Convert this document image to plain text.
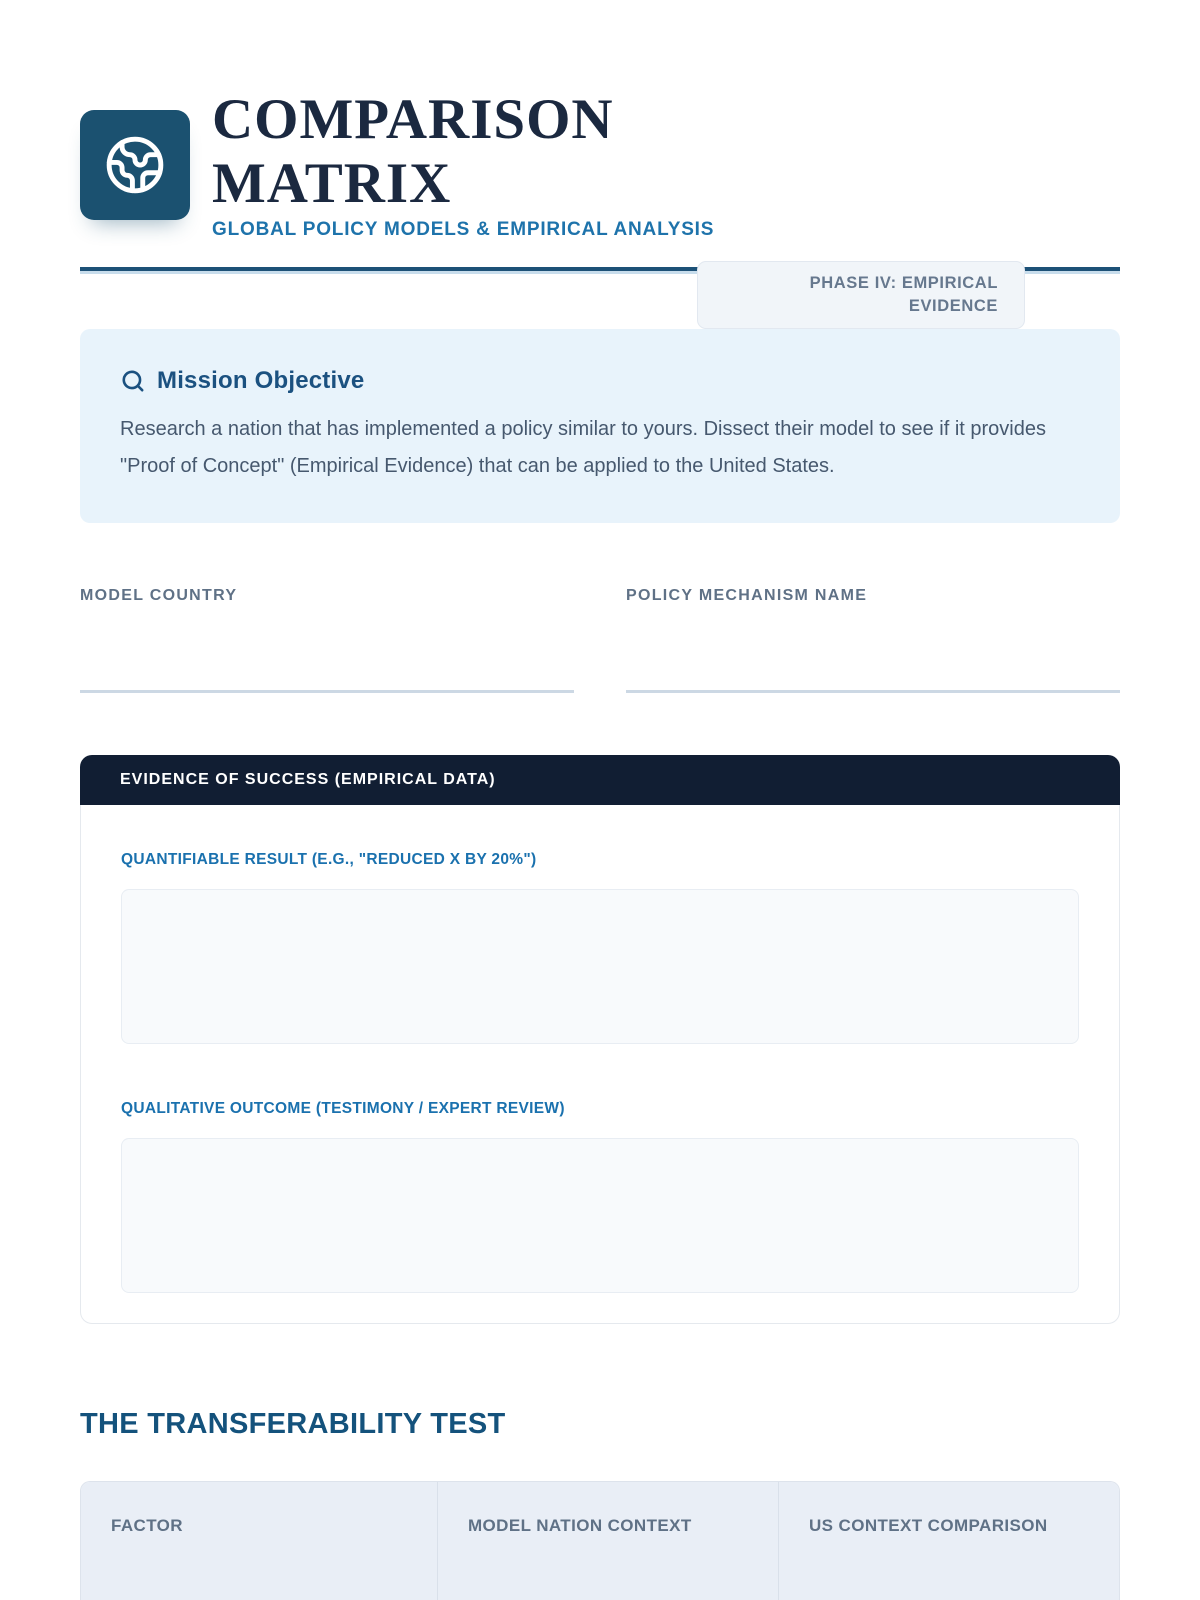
COMPARISON
MATRIX
GLOBAL POLICY MODELS & EMPIRICAL ANALYSIS
PHASE IV: EMPIRICAL EVIDENCE
Mission Objective

Research a nation that has implemented a policy similar to yours. Dissect their model to see if it provides "Proof of Concept" (Empirical Evidence) that can be applied to the United States.

MODEL COUNTRY	POLICY MECHANISM NAME
EVIDENCE OF SUCCESS (EMPIRICAL DATA)
QUANTIFIABLE RESULT (E.G., "REDUCED X BY 20%")
QUALITATIVE OUTCOME (TESTIMONY / EXPERT REVIEW)
THE TRANSFERABILITY TEST
FACTOR	MODEL NATION CONTEXT	US CONTEXT COMPARISON
